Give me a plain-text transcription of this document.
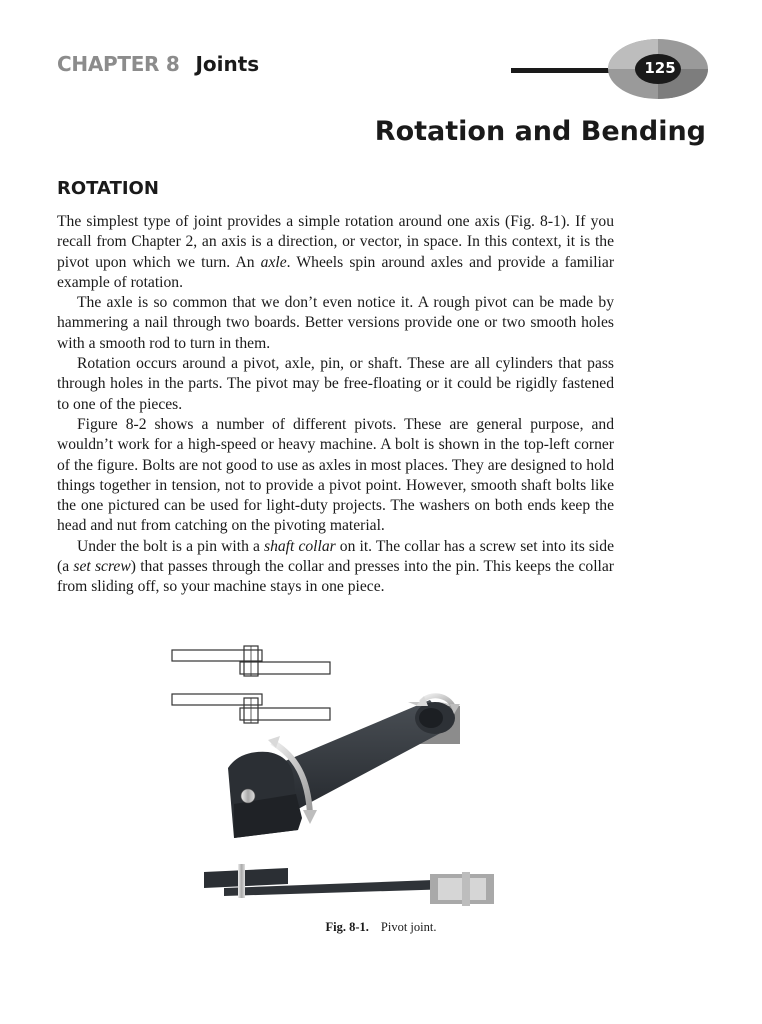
CHAPTER 8 Joints	125
Rotation and Bending
ROTATION

The simplest type of joint provides a simple rotation around one axis (Fig. 8-1). If you recall from Chapter 2, an axis is a direction, or vector, in space. In this context, it is the pivot upon which we turn. An axle. Wheels spin around axles and provide a familiar example of rotation.

The axle is so common that we don’t even notice it. A rough pivot can be made by hammering a nail through two boards. Better versions provide one or two smooth holes with a smooth rod to turn in them.

Rotation occurs around a pivot, axle, pin, or shaft. These are all cylinders that pass through holes in the parts. The pivot may be free-floating or it could be rigidly fastened to one of the pieces.

Figure 8-2 shows a number of different pivots. These are general purpose, and wouldn’t work for a high-speed or heavy machine. A bolt is shown in the top-left corner of the figure. Bolts are not good to use as axles in most places. They are designed to hold things together in tension, not to provide a pivot point. However, smooth shaft bolts like the one pictured can be used for light-duty projects. The washers on both ends keep the head and nut from catching on the pivoting material.

Under the bolt is a pin with a shaft collar on it. The collar has a screw set into its side (a set screw) that passes through the collar and presses into the pin. This keeps the collar from sliding off, so your machine stays in one piece.

Fig. 8-1. Pivot joint.
